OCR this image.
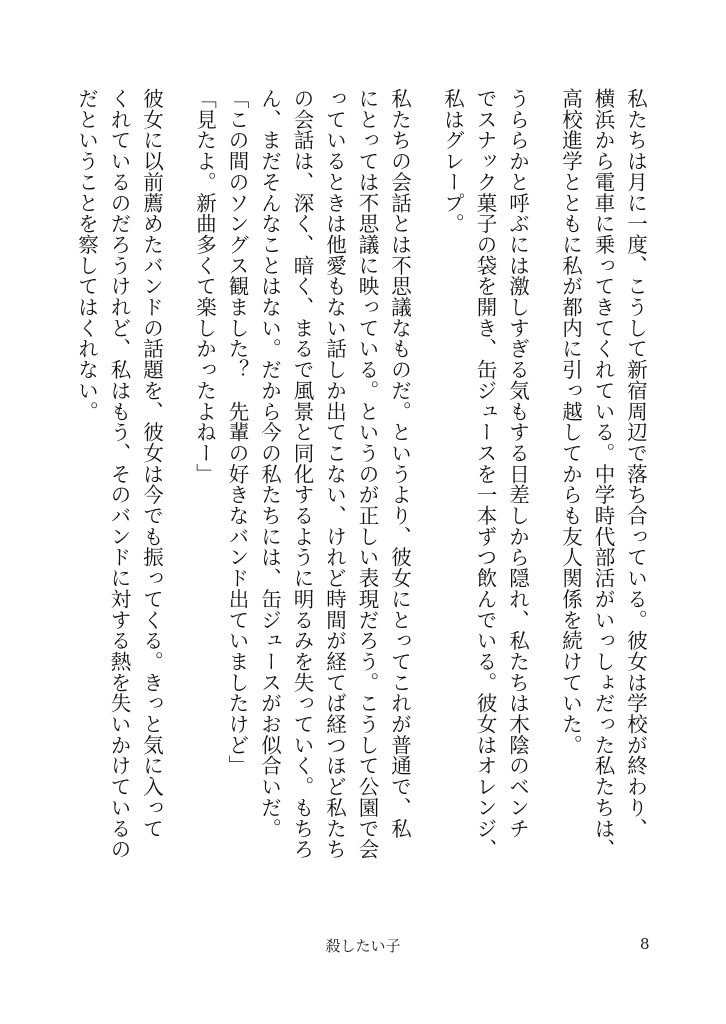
私たちは月に一度、こうして新宿周辺で落ち合っている。彼女は学校が終わり、

横浜から電車に乗ってきてくれている。中学時代部活がいっしょだった私たちは、

高校進学とともに私が都内に引っ越してからも友人関係を続けていた。

うららかと呼ぶには激しすぎる気もする日差しから隠れ、私たちは木陰のベンチ

でスナック菓子の袋を開き、缶ジュースを一本ずつ飲んでいる。彼女はオレンジ、

私はグレープ。

私たちの会話とは不思議なものだ。というより、彼女にとってこれが普通で、私

にとっては不思議に映っている。というのが正しい表現だろう。こうして公園で会

っているときは他愛もない話しか出てこない、けれど時間が経てば経つほど私たち

の会話は、深く、暗く、まるで風景と同化するように明るみを失っていく。もちろ

ん、まだそんなことはない。だから今の私たちには、缶ジュースがお似合いだ。

「この間のソングス観ました？　先輩の好きなバンド出ていましたけど」

「見たよ。新曲多くて楽しかったよねー」

彼女に以前薦めたバンドの話題を、彼女は今でも振ってくる。きっと気に入って

くれているのだろうけれど、私はもう、そのバンドに対する熱を失いかけているの

だということを察してはくれない。

殺したい子	8
